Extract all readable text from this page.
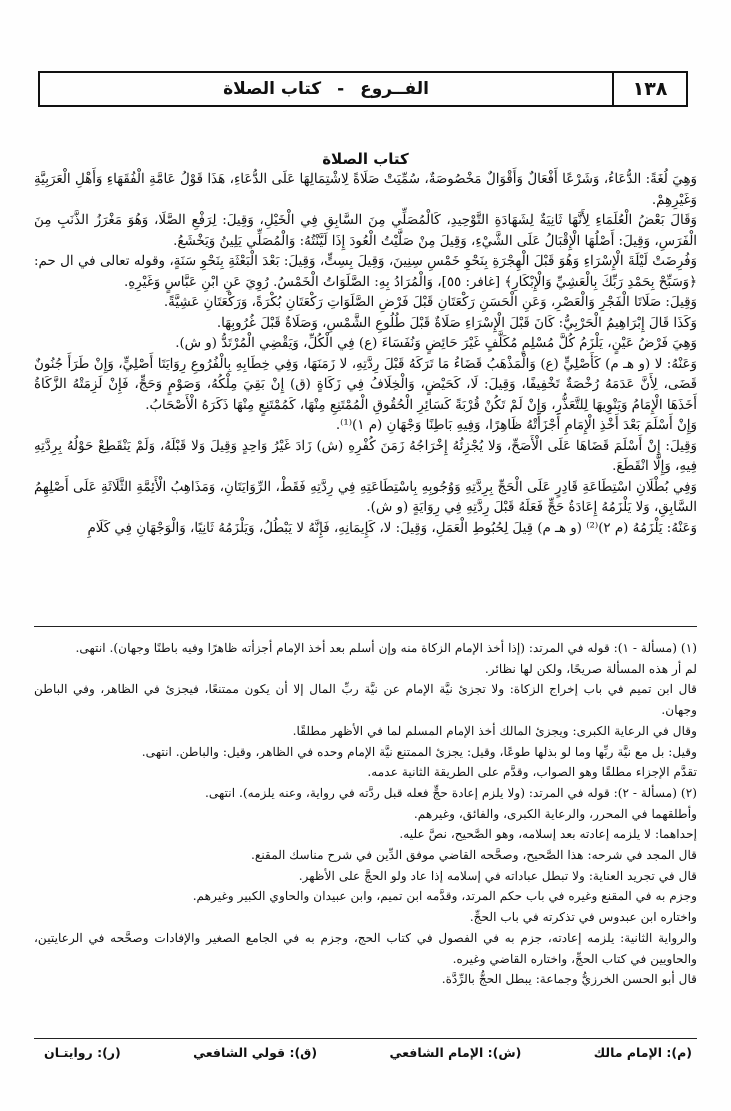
١٣٨
الفــروع - كتاب الصلاة
كتاب الصلاة

وَهِيَ لُغَةً: الدُّعَاءُ، وَشَرْعًا أَفْعَالٌ وَأَقْوَالٌ مَخْصُوصَةٌ، سُمِّيَتْ صَلَاةً لِاشْتِمَالِهَا عَلَى الدُّعَاءِ، هَذَا قَوْلُ عَامَّةِ الْفُقَهَاءِ وَأَهْلِ الْعَرَبِيَّةِ وَغَيْرِهِمْ.

وَقَالَ بَعْضُ الْعُلَمَاءِ لِأَنَّهَا ثَانِيَةٌ لِشَهَادَةِ التَّوْحِيدِ، كَالْمُصَلِّي مِنَ السَّابِقِ فِي الْخَيْلِ، وَقِيلَ: لِرَفْعِ الصَّلَا، وَهُوَ مَغْرَزُ الذَّنَبِ مِنَ الْفَرَسِ، وَقِيلَ: أَصْلُهَا الْإِقْبَالُ عَلَى الشَّيْءِ، وَقِيلَ مِنْ صَلَّيْتُ الْعُودَ إِذَا لَيَّنْتُهُ: وَالْمُصَلِّي يَلِينُ وَيَخْشَعُ.

وَفُرِضَتْ لَيْلَةَ الْإِسْرَاءِ وَهُوَ قَبْلَ الْهِجْرَةِ بِنَحْوِ خَمْسِ سِنِينَ، وَقِيلَ بِسِتٍّ، وَقِيلَ: بَعْدَ الْبَعْثَةِ بِنَحْوِ سَنَةٍ، وقوله تعالى في ال حم: ﴿وَسَبِّحْ بِحَمْدِ رَبِّكَ بِالْعَشِيِّ وَالْإِبْكَارِ﴾ [غافر: ٥٥]، وَالْمُرَادُ بِهِ: الصَّلَوَاتُ الْخَمْسُ. رُوِيَ عَنِ ابْنِ عَبَّاسٍ وَغَيْرِهِ.

وَقِيلَ: صَلَاتَا الْفَجْرِ وَالْعَصْرِ، وَعَنِ الْحَسَنِ رَكْعَتَانِ قَبْلَ فَرْضِ الصَّلَوَاتِ رَكْعَتَانِ بُكْرَةً، وَرَكْعَتَانِ عَشِيَّةً.

وَكَذَا قَالَ إِبْرَاهِيمُ الْحَرْبِيُّ: كَانَ قَبْلَ الْإِسْرَاءِ صَلَاةٌ قَبْلَ طُلُوعِ الشَّمْسِ، وَصَلَاةٌ قَبْلَ غُرُوبِهَا.

وَهِيَ فَرْضُ عَيْنٍ، يَلْزَمُ كُلَّ مُسْلِمٍ مُكَلَّفٍ غَيْرَ حَائِضٍ وَنُفَسَاءَ (ع) فِي الْكُلِّ، وَيَقْضِي الْمُرْتَدُّ (و ش).

وَعَنْهُ: لا (و هـ م) كَأَصْلِيٍّ (ع) وَالْمَذْهَبُ قَضَاءُ مَا تَرَكَهُ قَبْلَ رِدَّتِهِ، لا زَمَنَهَا، وَفِي خِطَابِهِ بِالْفُرُوعِ رِوَايَتَا أَصْلِيٍّ، وَإِنْ طَرَأَ جُنُونٌ قَضَى، لِأَنَّ عَدَمَهُ رُخْصَةٌ تَخْفِيفًا، وَقِيلَ: لَا، كَحَيْضٍ، وَالْخِلَافُ فِي زَكَاةٍ (ق) إِنْ بَقِيَ مِلْكُهُ، وَصَوْمٍ وَحَجٍّ، فَإِنْ لَزِمَتْهُ الزَّكَاةُ أَخَذَهَا الْإِمَامُ وَيَنْوِيهَا لِلتَّعَذُّرِ، وَإِنْ لَمْ تَكُنْ قُرْبَةً كَسَائِرِ الْحُقُوقِ الْمُمْتَنِعِ مِنْهَا، كَمُمْتَنِعٍ مِنْهَا ذَكَرَهُ الْأَصْحَابُ.

وَإِنْ أَسْلَمَ بَعْدَ أَخْذِ الْإِمَامِ أَجْزَأَتْهُ ظَاهِرًا، وَفِيهِ بَاطِنًا وَجْهَانِ (م ١)⁽¹⁾.

وَقِيلَ: إِنْ أَسْلَمَ قَضَاهَا عَلَى الْأَصَحِّ، وَلا يُجْزِئُهُ إِخْرَاجُهُ زَمَنَ كُفْرِهِ (ش) زَادَ غَيْرُ وَاحِدٍ وَقِيلَ وَلا قَبْلَهُ، وَلَمْ يَنْقَطِعْ حَوْلُهُ بِرِدَّتِهِ فِيهِ، وَإِلَّا انْقَطَعَ.

وَفِي بُطْلَانِ اسْتِطَاعَةِ قَادِرٍ عَلَى الْحَجِّ بِرِدَّتِهِ وَوُجُوبِهِ بِاسْتِطَاعَتِهِ فِي رِدَّتِهِ فَقَطْ، الرِّوَايَتَانِ، وَمَذَاهِبُ الْأَئِمَّةِ الثَّلَاثَةِ عَلَى أَصْلِهِمُ السَّابِقِ، وَلا يَلْزَمُهُ إِعَادَةُ حَجٍّ فَعَلَهُ قَبْلَ رِدَّتِهِ فِي رِوَايَةٍ (و ش).

وَعَنْهُ: يَلْزَمُهُ (م ٢)⁽²⁾ (و هـ م) قِيلَ لِحُبُوطِ الْعَمَلِ، وَقِيلَ: لا، كَإِيمَانِهِ، فَإِنَّهُ لا يَبْطُلُ، وَيَلْزَمُهُ ثَانِيًا، وَالْوَجْهَانِ فِي كَلَامِ

(١) (مسألة - ١): قوله في المرتد: (إذا أخذ الإمام الزكاة منه وإن أسلم بعد أخذ الإمام أجزأته ظاهرًا وفيه باطنًا وجهان). انتهى.

لم أر هذه المسألة صريحًا، ولكن لها نظائر.

قال ابن تميم في باب إخراج الزكاة: ولا تجزئ نيَّة الإمام عن نيَّة ربِّ المال إلا أن يكون ممتنعًا، فيجزئ في الظاهر، وفي الباطن وجهان.

وقال في الرعاية الكبرى: ويجزئ المالك أخذ الإمام المسلم لما في الأظهر مطلقًا.

وقيل: بل مع نيَّة ربِّها وما لو بذلها طوعًا، وقيل: يجزئ الممتنع نيَّة الإمام وحده في الظاهر، وقيل: والباطن. انتهى.

تقدَّم الإجزاء مطلقًا وهو الصواب، وقدَّم على الطريقة الثانية عدمه.

(٢) (مسألة - ٢): قوله في المرتد: (ولا يلزم إعادة حجٍّ فعله قبل ردَّته في رواية، وعنه يلزمه). انتهى.

وأطلقهما في المحرر، والرعاية الكبرى، والفائق، وغيرهم.

إحداهما: لا يلزمه إعادته بعد إسلامه، وهو الصَّحيح، نصَّ عليه.

قال المجد في شرحه: هذا الصَّحيح، وصحَّحه القاضي موفق الدِّين في شرح مناسك المقنع.

قال في تجريد العناية: ولا تبطل عباداته في إسلامه إذا عاد ولو الحجَّ على الأظهر.

وجزم به في المقنع وغيره في باب حكم المرتد، وقدَّمه ابن تميم، وابن عبيدان والحاوي الكبير وغيرهم.

واختاره ابن عبدوس في تذكرته في باب الحجِّ.

والرواية الثانية: يلزمه إعادته، جزم به في الفصول في كتاب الحج، وجزم به في الجامع الصغير والإفادات وصحَّحه في الرعايتين، والحاويين في كتاب الحجِّ، واختاره القاضي وغيره.

قال أبو الحسن الخرزيُّ وجماعة: يبطل الحجُّ بالرِّدَّة.

(م): الإمام مالك
(ش): الإمام الشافعي
(ق): قولي الشافعي
(ر): روايتـان
